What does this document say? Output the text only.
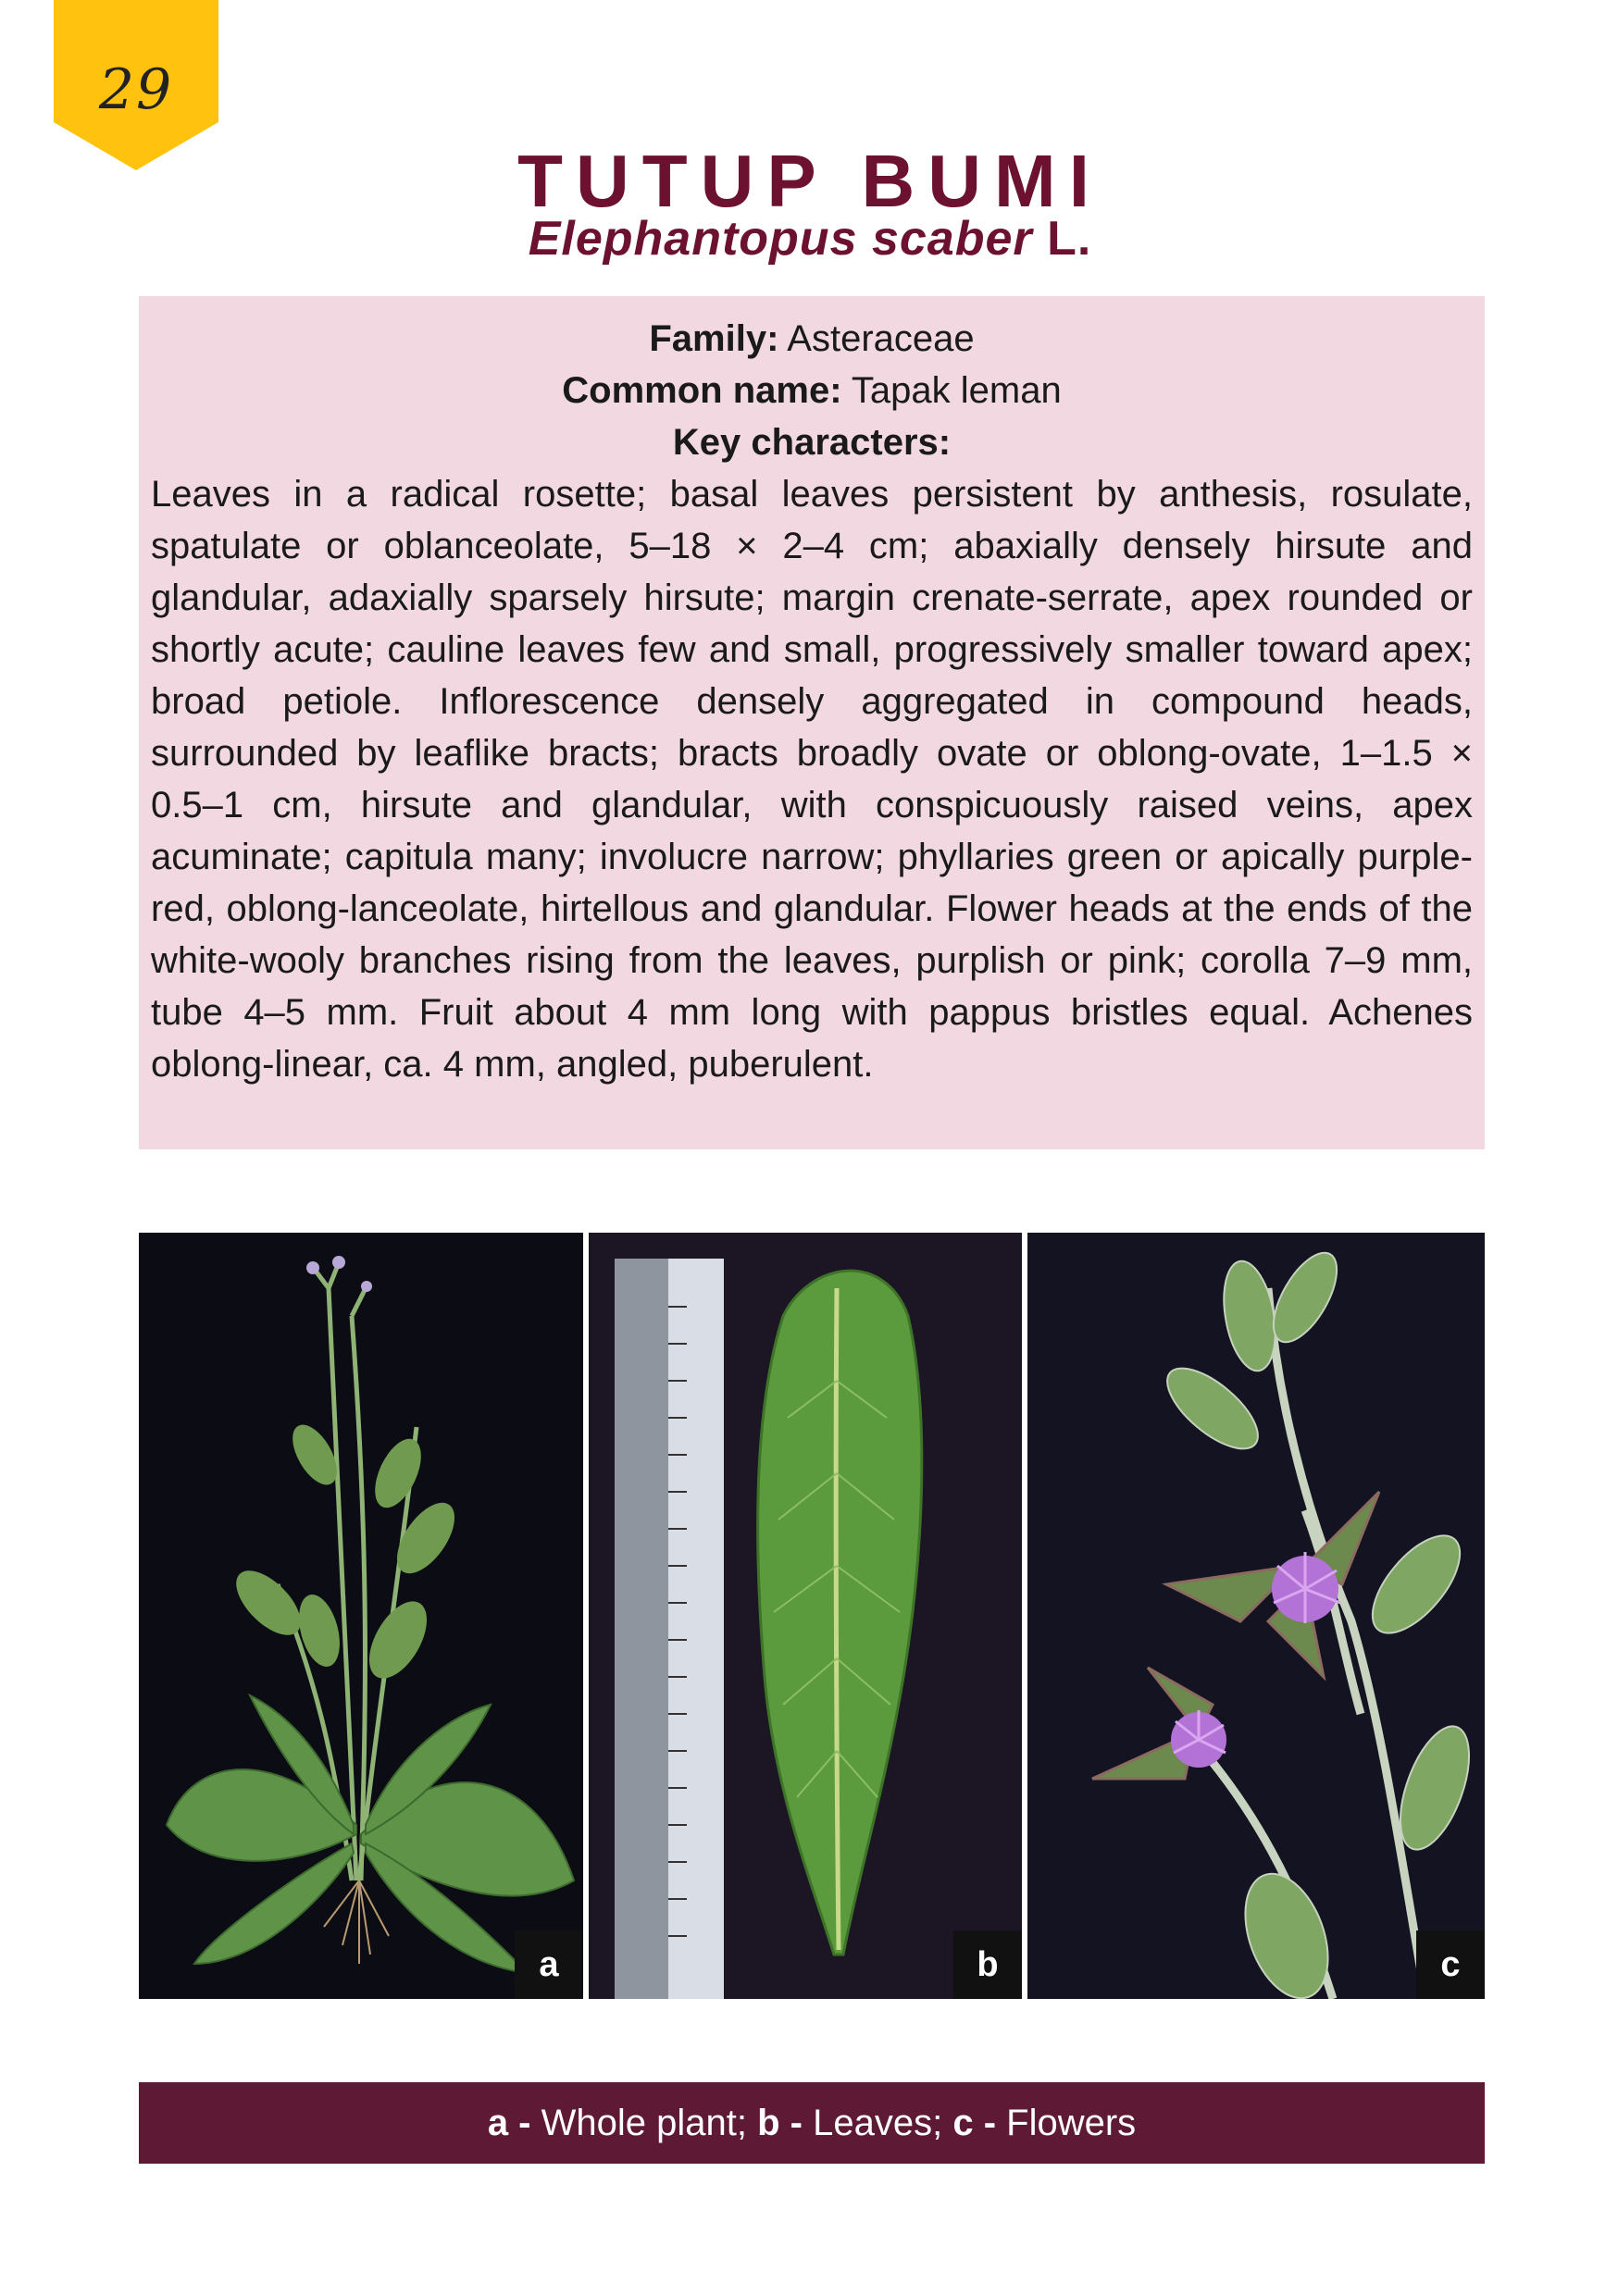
29
TUTUP BUMI
Elephantopus scaber L.
Family: Asteraceae
Common name: Tapak leman
Key characters:

Leaves in a radical rosette; basal leaves persistent by anthesis, rosulate, spatulate or oblanceolate, 5–18 × 2–4 cm; abaxially densely hirsute and glandular, adaxially sparsely hirsute; margin crenate-serrate, apex rounded or shortly acute; cauline leaves few and small, progressively smaller toward apex; broad petiole. Inflorescence densely aggregated in compound heads, surrounded by leaflike bracts; bracts broadly ovate or oblong-ovate, 1–1.5 × 0.5–1 cm, hirsute and glandular, with conspicuously raised veins, apex acuminate; capitula many; involucre narrow; phyllaries green or apically purple-red, oblong-lanceolate, hirtellous and glandular. Flower heads at the ends of the white-wooly branches rising from the leaves, purplish or pink; corolla 7–9 mm, tube 4–5 mm. Fruit about 4 mm long with pappus bristles equal. Achenes oblong-linear, ca. 4 mm, angled, puberulent.

a	b	c
a - Whole plant; b - Leaves; c - Flowers
